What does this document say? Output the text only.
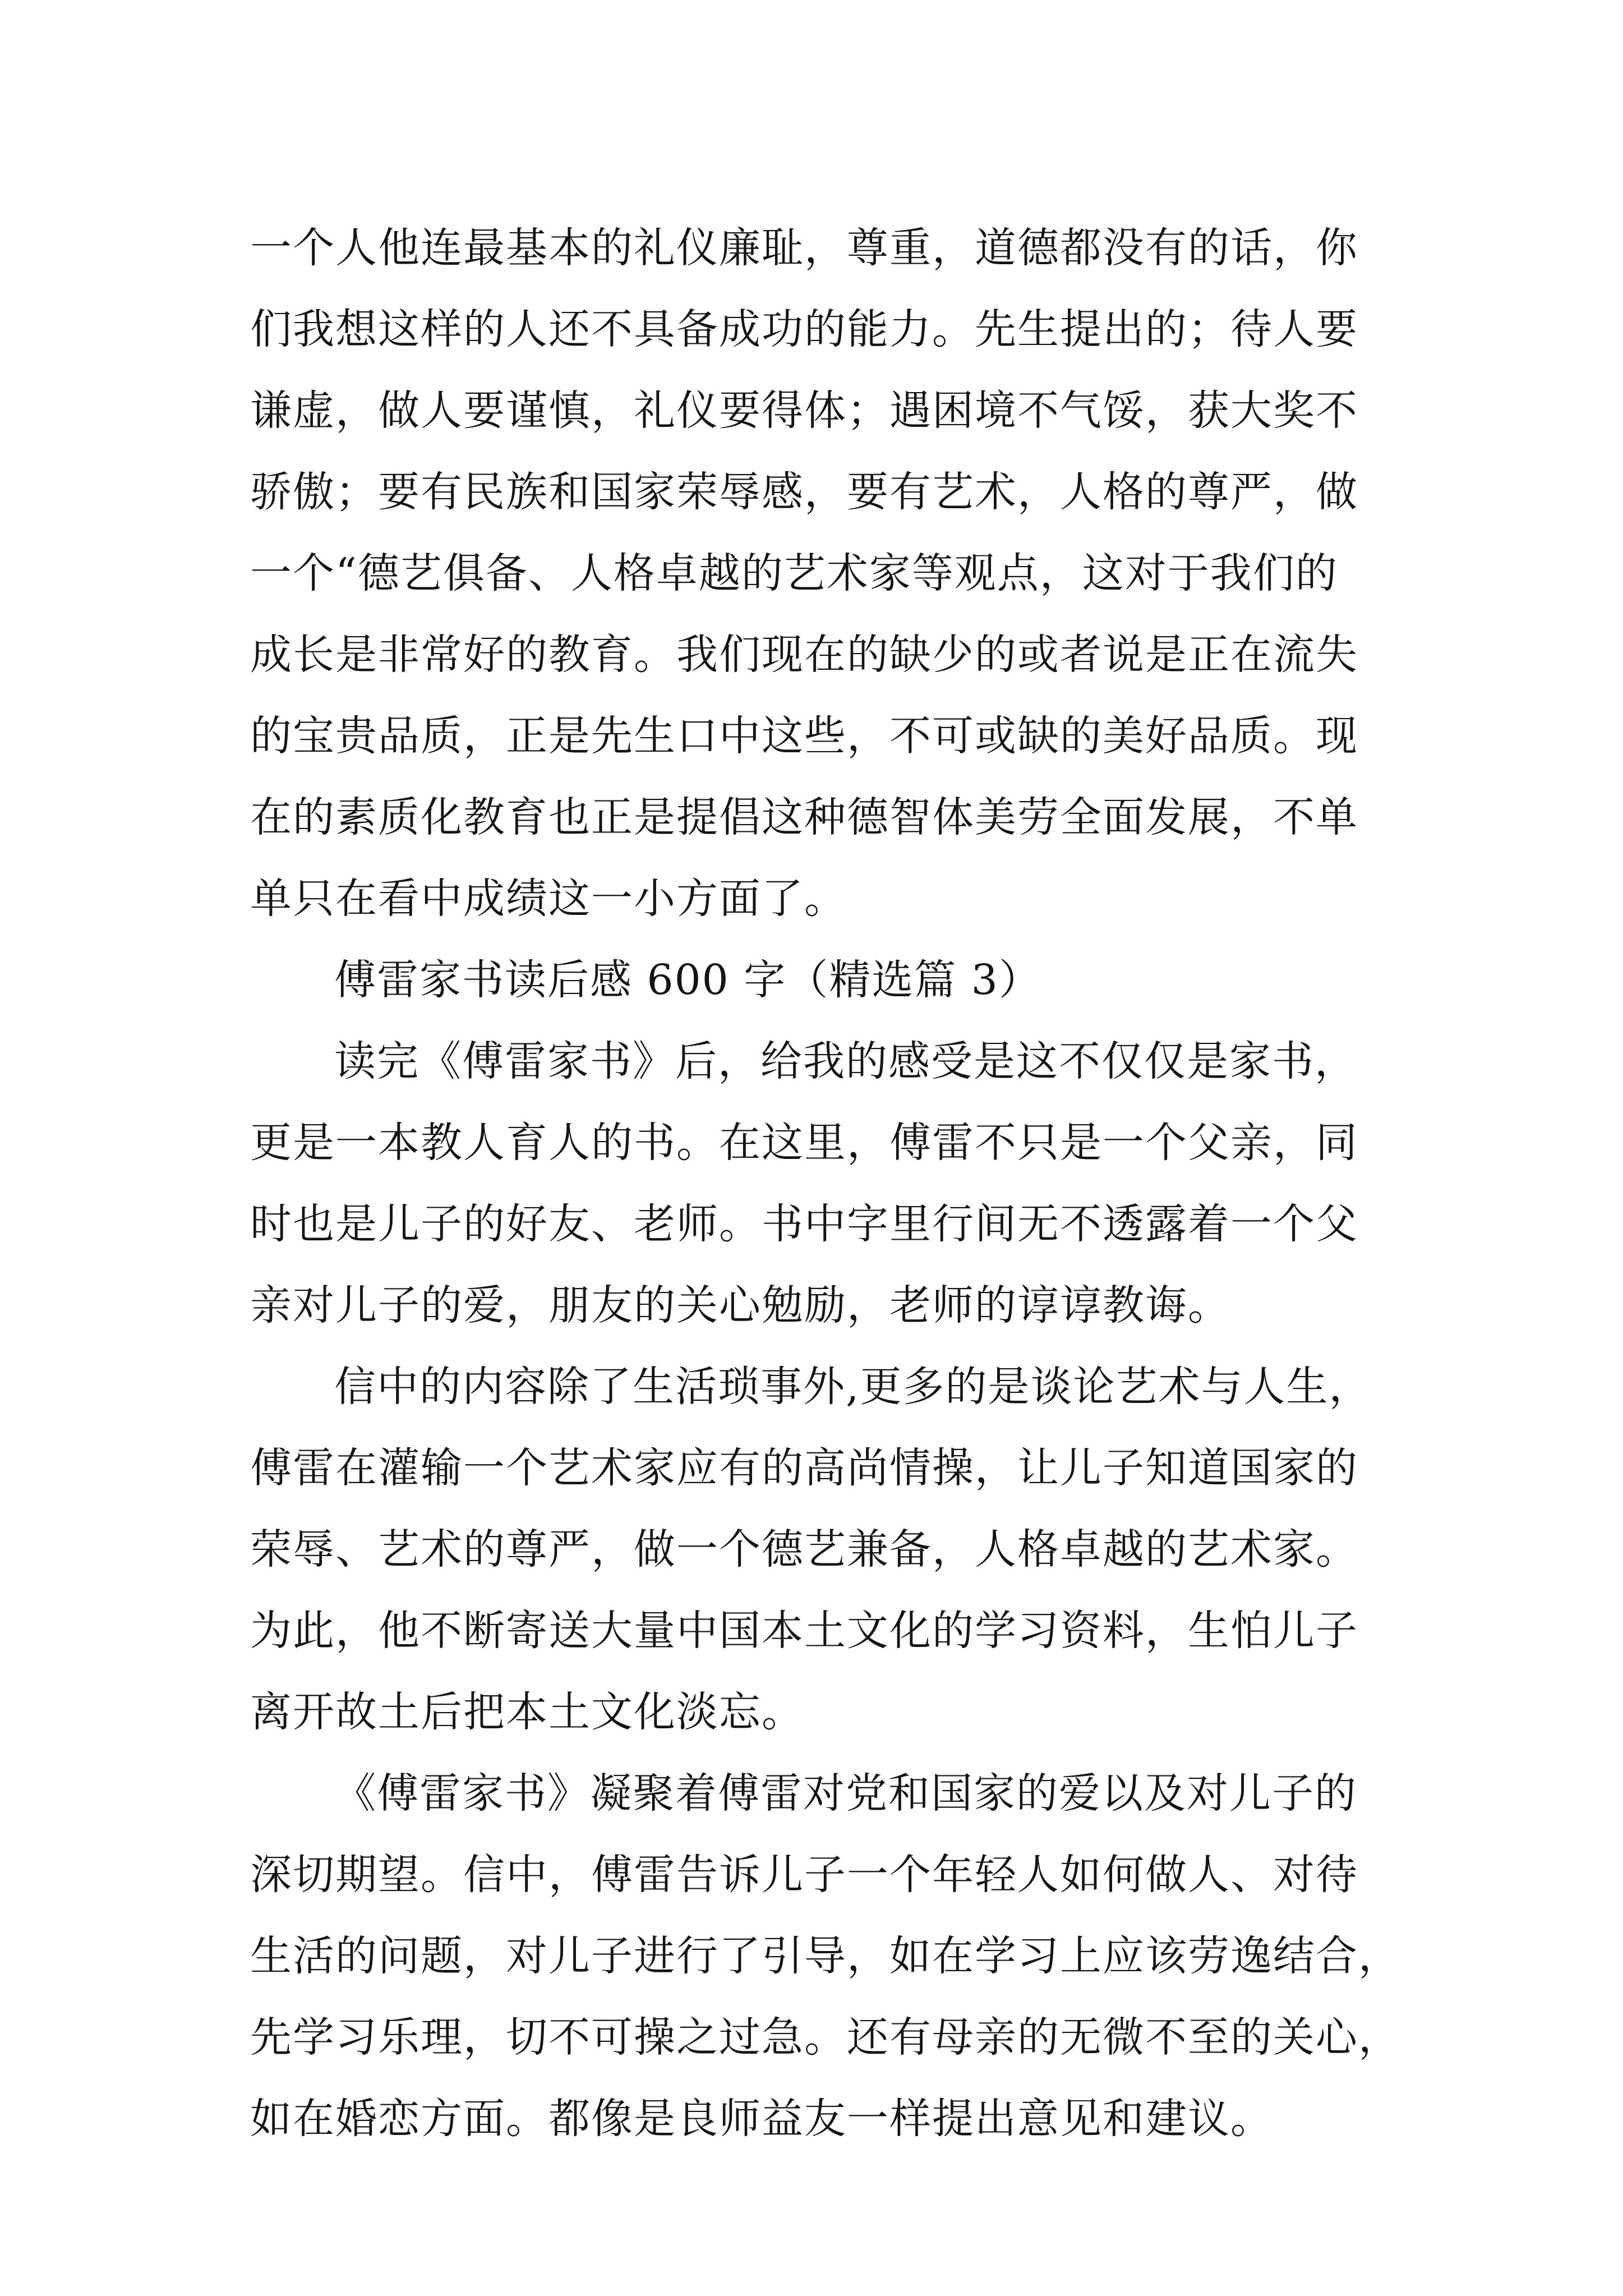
一个人他连最基本的礼仪廉耻，尊重，道德都没有的话，你
们我想这样的人还不具备成功的能力。先生提出的；待人要
谦虚，做人要谨慎，礼仪要得体；遇困境不气馁，获大奖不
骄傲；要有民族和国家荣辱感，要有艺术，人格的尊严，做
一个“德艺俱备、人格卓越的艺术家等观点，这对于我们的
成长是非常好的教育。我们现在的缺少的或者说是正在流失
的宝贵品质，正是先生口中这些，不可或缺的美好品质。现
在的素质化教育也正是提倡这种德智体美劳全面发展，不单
单只在看中成绩这一小方面了。
傅雷家书读后感 600 字（精选篇 3）
读完《傅雷家书》后，给我的感受是这不仅仅是家书，
更是一本教人育人的书。在这里，傅雷不只是一个父亲，同
时也是儿子的好友、老师。书中字里行间无不透露着一个父
亲对儿子的爱，朋友的关心勉励，老师的谆谆教诲。
信中的内容除了生活琐事外,更多的是谈论艺术与人生，
傅雷在灌输一个艺术家应有的高尚情操，让儿子知道国家的
荣辱、艺术的尊严，做一个德艺兼备，人格卓越的艺术家。
为此，他不断寄送大量中国本土文化的学习资料，生怕儿子
离开故土后把本土文化淡忘。
《傅雷家书》凝聚着傅雷对党和国家的爱以及对儿子的
深切期望。信中，傅雷告诉儿子一个年轻人如何做人、对待
生活的问题，对儿子进行了引导，如在学习上应该劳逸结合，
先学习乐理，切不可操之过急。还有母亲的无微不至的关心，
如在婚恋方面。都像是良师益友一样提出意见和建议。
